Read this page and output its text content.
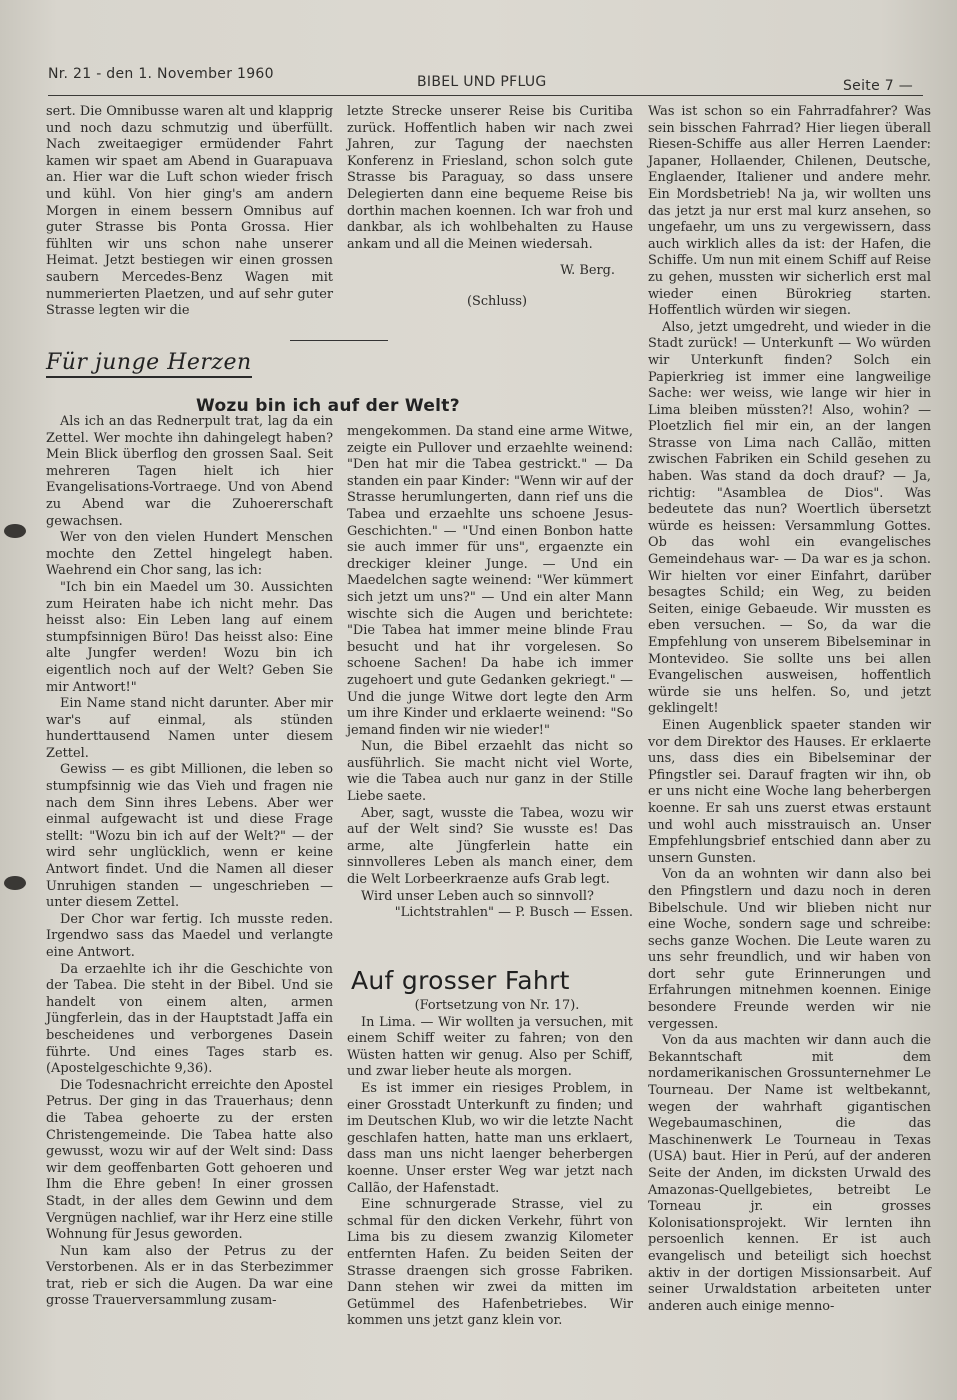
Nr. 21 - den 1. November 1960	BIBEL UND PFLUG	Seite 7 —

sert. Die Omnibusse waren alt und klapprig und noch dazu schmutzig und überfüllt. Nach zweitaegiger ermüdender Fahrt kamen wir spaet am Abend in Guarapuava an. Hier war die Luft schon wieder frisch und kühl. Von hier ging's am andern Morgen in einem bessern Omnibus auf guter Strasse bis Ponta Grossa. Hier fühlten wir uns schon nahe unserer Heimat. Jetzt bestiegen wir einen grossen saubern Mercedes-Benz Wagen mit nummerierten Plaetzen, und auf sehr guter Strasse legten wir die

letzte Strecke unserer Reise bis Curitiba zurück. Hoffentlich haben wir nach zwei Jahren, zur Tagung der naechsten Konferenz in Friesland, schon solch gute Strasse bis Paraguay, so dass unsere Delegierten dann eine bequeme Reise bis dorthin machen koennen. Ich war froh und dankbar, als ich wohlbehalten zu Hause ankam und all die Meinen wiedersah.

W. Berg.

(Schluss)

Für junge Herzen
Wozu bin ich auf der Welt?

Als ich an das Rednerpult trat, lag da ein Zettel. Wer mochte ihn dahingelegt haben? Mein Blick überflog den grossen Saal. Seit mehreren Tagen hielt ich hier Evangelisations-Vortraege. Und von Abend zu Abend war die Zuhoererschaft gewachsen.

Wer von den vielen Hundert Menschen mochte den Zettel hingelegt haben. Waehrend ein Chor sang, las ich:

"Ich bin ein Maedel um 30. Aussichten zum Heiraten habe ich nicht mehr. Das heisst also: Ein Leben lang auf einem stumpfsinnigen Büro! Das heisst also: Eine alte Jungfer werden! Wozu bin ich eigentlich noch auf der Welt? Geben Sie mir Antwort!"

Ein Name stand nicht darunter. Aber mir war's auf einmal, als stünden hunderttausend Namen unter diesem Zettel.

Gewiss — es gibt Millionen, die leben so stumpfsinnig wie das Vieh und fragen nie nach dem Sinn ihres Lebens. Aber wer einmal aufgewacht ist und diese Frage stellt: "Wozu bin ich auf der Welt?" — der wird sehr unglücklich, wenn er keine Antwort findet. Und die Namen all dieser Unruhigen standen — ungeschrieben — unter diesem Zettel.

Der Chor war fertig. Ich musste reden. Irgendwo sass das Maedel und verlangte eine Antwort.

Da erzaehlte ich ihr die Geschichte von der Tabea. Die steht in der Bibel. Und sie handelt von einem alten, armen Jüngferlein, das in der Hauptstadt Jaffa ein bescheidenes und verborgenes Dasein führte. Und eines Tages starb es. (Apostelgeschichte 9,36).

Die Todesnachricht erreichte den Apostel Petrus. Der ging in das Trauerhaus; denn die Tabea gehoerte zu der ersten Christengemeinde. Die Tabea hatte also gewusst, wozu wir auf der Welt sind: Dass wir dem geoffenbarten Gott gehoeren und Ihm die Ehre geben! In einer grossen Stadt, in der alles dem Gewinn und dem Vergnügen nachlief, war ihr Herz eine stille Wohnung für Jesus geworden.

Nun kam also der Petrus zu der Verstorbenen. Als er in das Sterbezimmer trat, rieb er sich die Augen. Da war eine grosse Trauerversammlung zusam-

mengekommen. Da stand eine arme Witwe, zeigte ein Pullover und erzaehlte weinend: "Den hat mir die Tabea gestrickt." — Da standen ein paar Kinder: "Wenn wir auf der Strasse herumlungerten, dann rief uns die Tabea und erzaehlte uns schoene Jesus-Geschichten." — "Und einen Bonbon hatte sie auch immer für uns", ergaenzte ein dreckiger kleiner Junge. — Und ein Maedelchen sagte weinend: "Wer kümmert sich jetzt um uns?" — Und ein alter Mann wischte sich die Augen und berichtete: "Die Tabea hat immer meine blinde Frau besucht und hat ihr vorgelesen. So schoene Sachen! Da habe ich immer zugehoert und gute Gedanken gekriegt." — Und die junge Witwe dort legte den Arm um ihre Kinder und erklaerte weinend: "So jemand finden wir nie wieder!"

Nun, die Bibel erzaehlt das nicht so ausführlich. Sie macht nicht viel Worte, wie die Tabea auch nur ganz in der Stille Liebe saete.

Aber, sagt, wusste die Tabea, wozu wir auf der Welt sind? Sie wusste es! Das arme, alte Jüngferlein hatte ein sinnvolleres Leben als manch einer, dem die Welt Lorbeerkraenze aufs Grab legt.

Wird unser Leben auch so sinnvoll?

"Lichtstrahlen" — P. Busch — Essen.

Auf grosser Fahrt

(Fortsetzung von Nr. 17).

In Lima. — Wir wollten ja versuchen, mit einem Schiff weiter zu fahren; von den Wüsten hatten wir genug. Also per Schiff, und zwar lieber heute als morgen.

Es ist immer ein riesiges Problem, in einer Grosstadt Unterkunft zu finden; und im Deutschen Klub, wo wir die letzte Nacht geschlafen hatten, hatte man uns erklaert, dass man uns nicht laenger beherbergen koenne. Unser erster Weg war jetzt nach Callão, der Hafenstadt.

Eine schnurgerade Strasse, viel zu schmal für den dicken Verkehr, führt von Lima bis zu diesem zwanzig Kilometer entfernten Hafen. Zu beiden Seiten der Strasse draengen sich grosse Fabriken. Dann stehen wir zwei da mitten im Getümmel des Hafenbetriebes. Wir kommen uns jetzt ganz klein vor.

Was ist schon so ein Fahrradfahrer? Was sein bisschen Fahrrad? Hier liegen überall Riesen-Schiffe aus aller Herren Laender: Japaner, Hollaender, Chilenen, Deutsche, Englaender, Italiener und andere mehr. Ein Mordsbetrieb! Na ja, wir wollten uns das jetzt ja nur erst mal kurz ansehen, so ungefaehr, um uns zu vergewissern, dass auch wirklich alles da ist: der Hafen, die Schiffe. Um nun mit einem Schiff auf Reise zu gehen, mussten wir sicherlich erst mal wieder einen Bürokrieg starten. Hoffentlich würden wir siegen.

Also, jetzt umgedreht, und wieder in die Stadt zurück! — Unterkunft — Wo würden wir Unterkunft finden? Solch ein Papierkrieg ist immer eine langweilige Sache: wer weiss, wie lange wir hier in Lima bleiben müssten?! Also, wohin? — Ploetzlich fiel mir ein, an der langen Strasse von Lima nach Callão, mitten zwischen Fabriken ein Schild gesehen zu haben. Was stand da doch drauf? — Ja, richtig: "Asamblea de Dios". Was bedeutete das nun? Woertlich übersetzt würde es heissen: Versammlung Gottes. Ob das wohl ein evangelisches Gemeindehaus war- — Da war es ja schon. Wir hielten vor einer Einfahrt, darüber besagtes Schild; ein Weg, zu beiden Seiten, einige Gebaeude. Wir mussten es eben versuchen. — So, da war die Empfehlung von unserem Bibelseminar in Montevideo. Sie sollte uns bei allen Evangelischen ausweisen, hoffentlich würde sie uns helfen. So, und jetzt geklingelt!

Einen Augenblick spaeter standen wir vor dem Direktor des Hauses. Er erklaerte uns, dass dies ein Bibelseminar der Pfingstler sei. Darauf fragten wir ihn, ob er uns nicht eine Woche lang beherbergen koenne. Er sah uns zuerst etwas erstaunt und wohl auch misstrauisch an. Unser Empfehlungsbrief entschied dann aber zu unsern Gunsten.

Von da an wohnten wir dann also bei den Pfingstlern und dazu noch in deren Bibelschule. Und wir blieben nicht nur eine Woche, sondern sage und schreibe: sechs ganze Wochen. Die Leute waren zu uns sehr freundlich, und wir haben von dort sehr gute Erinnerungen und Erfahrungen mitnehmen koennen. Einige besondere Freunde werden wir nie vergessen.

Von da aus machten wir dann auch die Bekanntschaft mit dem nordamerikanischen Grossunternehmer Le Tourneau. Der Name ist weltbekannt, wegen der wahrhaft gigantischen Wegebaumaschinen, die das Maschinenwerk Le Tourneau in Texas (USA) baut. Hier in Perú, auf der anderen Seite der Anden, im dicksten Urwald des Amazonas-Quellgebietes, betreibt Le Torneau jr. ein grosses Kolonisationsprojekt. Wir lernten ihn persoenlich kennen. Er ist auch evangelisch und beteiligt sich hoechst aktiv in der dortigen Missionsarbeit. Auf seiner Urwaldstation arbeiteten unter anderen auch einige menno-
